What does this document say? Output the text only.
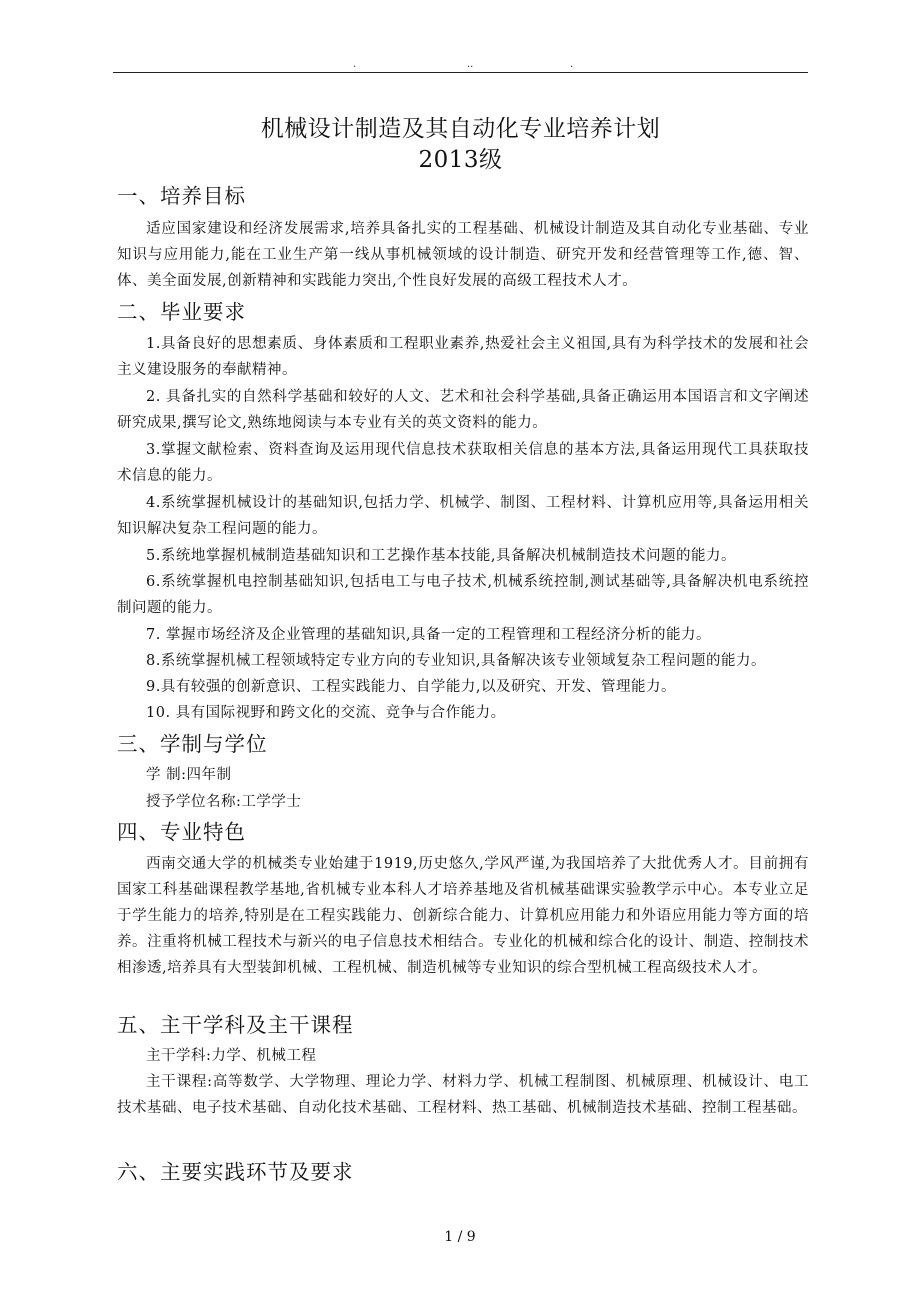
.	..	.
机械设计制造及其自动化专业培养计划
2013级
一、培养目标
适应国家建设和经济发展需求,培养具备扎实的工程基础、机械设计制造及其自动化专业基础、专业知识与应用能力,能在工业生产第一线从事机械领域的设计制造、研究开发和经营管理等工作,德、智、体、美全面发展,创新精神和实践能力突出,个性良好发展的高级工程技术人才。
二、毕业要求
1.具备良好的思想素质、身体素质和工程职业素养,热爱社会主义祖国,具有为科学技术的发展和社会主义建设服务的奉献精神。
2. 具备扎实的自然科学基础和较好的人文、艺术和社会科学基础,具备正确运用本国语言和文字阐述研究成果,撰写论文,熟练地阅读与本专业有关的英文资料的能力。
3.掌握文献检索、资料查询及运用现代信息技术获取相关信息的基本方法,具备运用现代工具获取技术信息的能力。
4.系统掌握机械设计的基础知识,包括力学、机械学、制图、工程材料、计算机应用等,具备运用相关知识解决复杂工程问题的能力。
5.系统地掌握机械制造基础知识和工艺操作基本技能,具备解决机械制造技术问题的能力。
6.系统掌握机电控制基础知识,包括电工与电子技术,机械系统控制,测试基础等,具备解决机电系统控制问题的能力。
7. 掌握市场经济及企业管理的基础知识,具备一定的工程管理和工程经济分析的能力。
8.系统掌握机械工程领域特定专业方向的专业知识,具备解决该专业领域复杂工程问题的能力。
9.具有较强的创新意识、工程实践能力、自学能力,以及研究、开发、管理能力。
10. 具有国际视野和跨文化的交流、竞争与合作能力。
三、学制与学位
学 制:四年制
授予学位名称:工学学士
四、专业特色
西南交通大学的机械类专业始建于1919,历史悠久,学风严谨,为我国培养了大批优秀人才。目前拥有国家工科基础课程教学基地,省机械专业本科人才培养基地及省机械基础课实验教学示中心。本专业立足于学生能力的培养,特别是在工程实践能力、创新综合能力、计算机应用能力和外语应用能力等方面的培养。注重将机械工程技术与新兴的电子信息技术相结合。专业化的机械和综合化的设计、制造、控制技术相渗透,培养具有大型装卸机械、工程机械、制造机械等专业知识的综合型机械工程高级技术人才。
五、主干学科及主干课程
主干学科:力学、机械工程
主干课程:高等数学、大学物理、理论力学、材料力学、机械工程制图、机械原理、机械设计、电工技术基础、电子技术基础、自动化技术基础、工程材料、热工基础、机械制造技术基础、控制工程基础。
六、主要实践环节及要求
1 / 9
